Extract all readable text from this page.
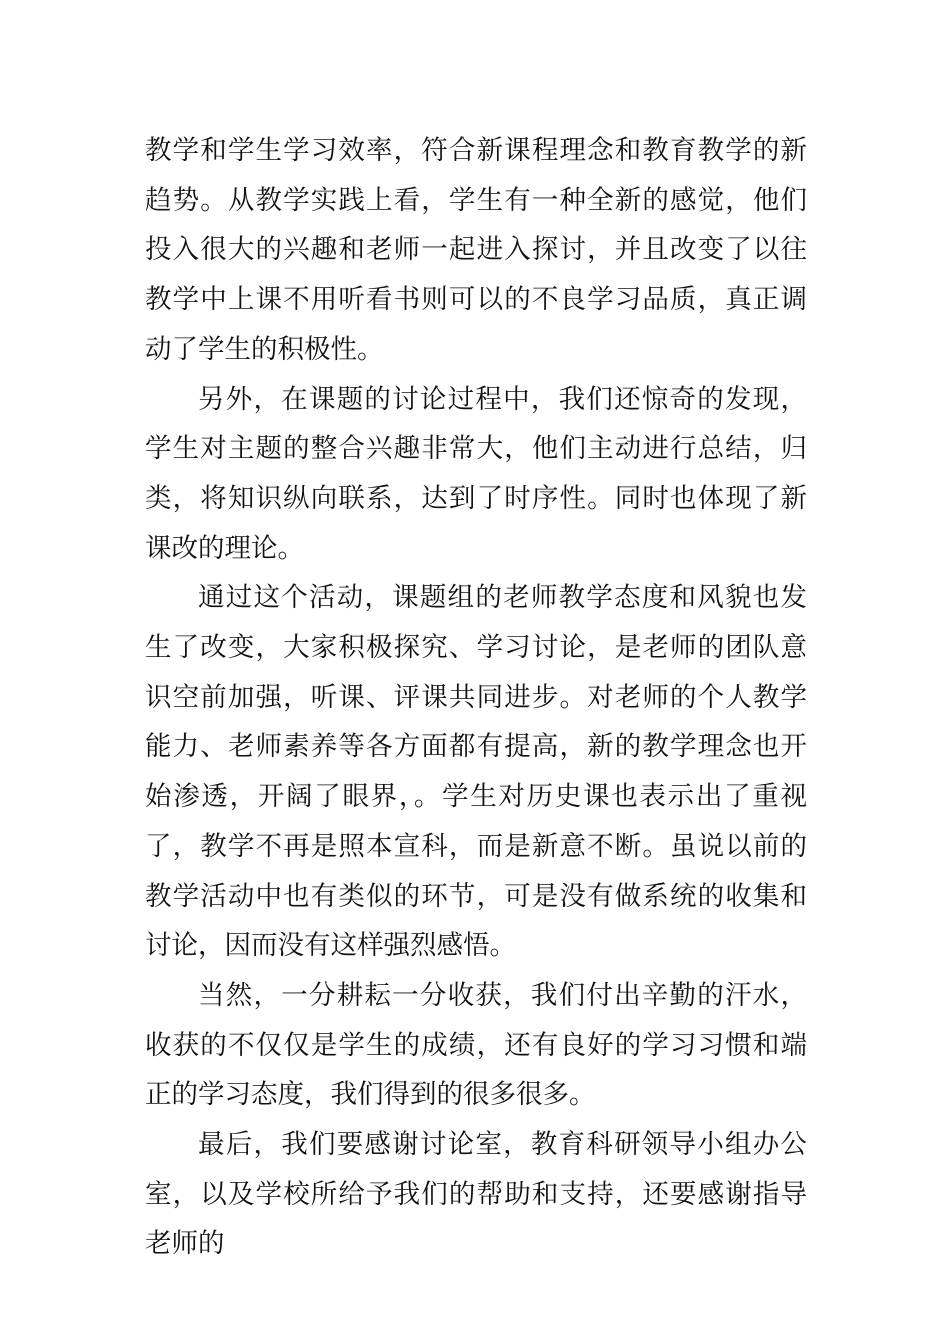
教学和学生学习效率，符合新课程理念和教育教学的新趋势。从教学实践上看，学生有一种全新的感觉，他们投入很大的兴趣和老师一起进入探讨，并且改变了以往教学中上课不用听看书则可以的不良学习品质，真正调动了学生的积极性。

另外，在课题的讨论过程中，我们还惊奇的发现，学生对主题的整合兴趣非常大，他们主动进行总结，归类，将知识纵向联系，达到了时序性。同时也体现了新课改的理论。

通过这个活动，课题组的老师教学态度和风貌也发生了改变，大家积极探究、学习讨论，是老师的团队意识空前加强，听课、评课共同进步。对老师的个人教学能力、老师素养等各方面都有提高，新的教学理念也开始渗透，开阔了眼界，。学生对历史课也表示出了重视了，教学不再是照本宣科，而是新意不断。虽说以前的教学活动中也有类似的环节，可是没有做系统的收集和讨论，因而没有这样强烈感悟。

当然，一分耕耘一分收获，我们付出辛勤的汗水，收获的不仅仅是学生的成绩，还有良好的学习习惯和端正的学习态度，我们得到的很多很多。

最后，我们要感谢讨论室，教育科研领导小组办公室，以及学校所给予我们的帮助和支持，还要感谢指导老师的
